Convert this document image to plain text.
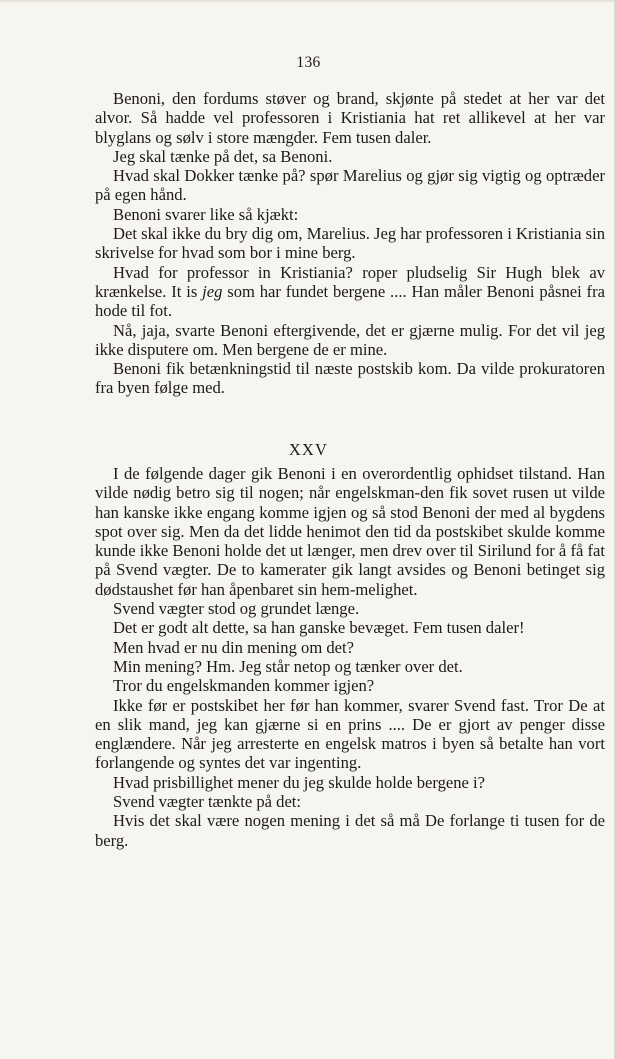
136

Benoni, den fordums støver og brand, skjønte på stedet at her var det alvor. Så hadde vel professoren i Kristiania hat ret allikevel at her var blyglans og sølv i store mængder. Fem tusen daler.

Jeg skal tænke på det, sa Benoni.

Hvad skal Dokker tænke på? spør Marelius og gjør sig vigtig og optræder på egen hånd.

Benoni svarer like så kjækt:

Det skal ikke du bry dig om, Marelius. Jeg har professoren i Kristiania sin skrivelse for hvad som bor i mine berg.

Hvad for professor in Kristiania? roper pludselig Sir Hugh blek av krænkelse. It is jeg som har fundet bergene .... Han måler Benoni påsnei fra hode til fot.

Nå, jaja, svarte Benoni eftergivende, det er gjærne mulig. For det vil jeg ikke disputere om. Men bergene de er mine.

Benoni fik betænkningstid til næste postskib kom. Da vilde prokuratoren fra byen følge med.

XXV

I de følgende dager gik Benoni i en overordentlig ophidset tilstand. Han vilde nødig betro sig til nogen; når engelskman-den fik sovet rusen ut vilde han kanske ikke engang komme igjen og så stod Benoni der med al bygdens spot over sig. Men da det lidde henimot den tid da postskibet skulde komme kunde ikke Benoni holde det ut længer, men drev over til Sirilund for å få fat på Svend vægter. De to kamerater gik langt avsides og Benoni betinget sig dødstaushet før han åpenbaret sin hem-melighet.

Svend vægter stod og grundet længe.

Det er godt alt dette, sa han ganske bevæget. Fem tusen daler!

Men hvad er nu din mening om det?

Min mening? Hm. Jeg står netop og tænker over det.

Tror du engelskmanden kommer igjen?

Ikke før er postskibet her før han kommer, svarer Svend fast. Tror De at en slik mand, jeg kan gjærne si en prins .... De er gjort av penger disse englændere. Når jeg arresterte en engelsk matros i byen så betalte han vort forlangende og syntes det var ingenting.

Hvad prisbillighet mener du jeg skulde holde bergene i?

Svend vægter tænkte på det:

Hvis det skal være nogen mening i det så må De forlange ti tusen for de berg.
